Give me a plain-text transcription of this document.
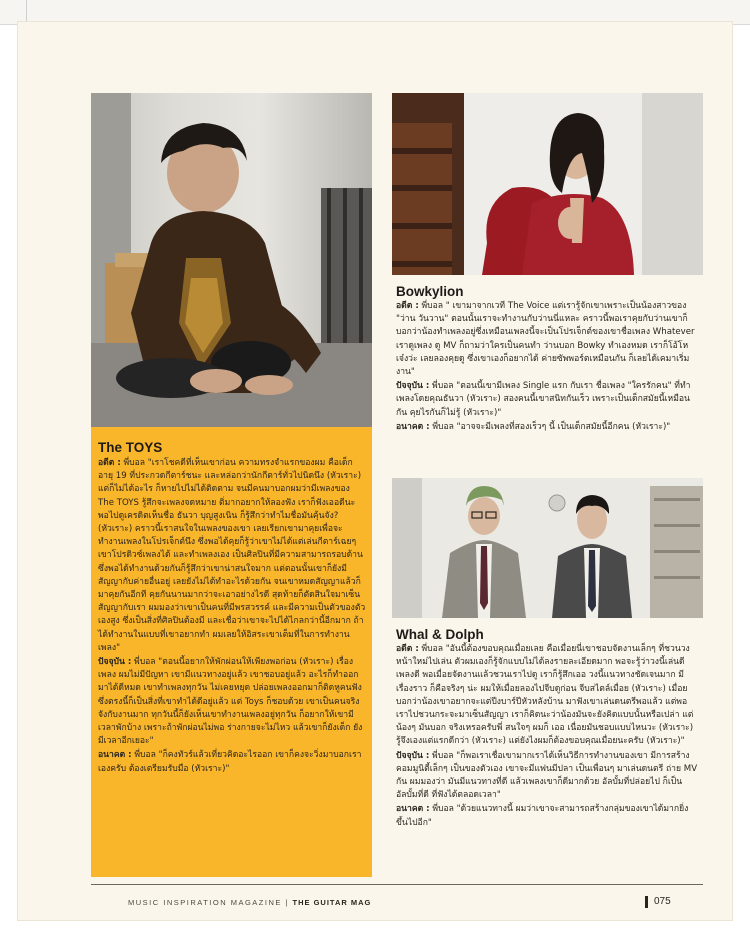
The TOYS

อดีต : พี่บอล "เราโชคดีที่เห็นเขาก่อน ความทรงจำแรกของผม คือเด็กอายุ 19 ที่ประกวดกีตาร์ชนะ และหล่อกว่านักกีตาร์ทั่วไปนิดนึง (หัวเราะ) แต่ก็ไม่ได้อะไร ก็หายไปไม่ได้ติดตาม จนมีคนมาบอกผมว่ามีเพลงของ The TOYS รู้สึกจะเพลงจดหมาย ติ่มากอยากให้ลองฟัง เราก็ฟังเออดีนะ พอไปดูเครดิตเห็นชื่อ ธันวา บุญสูงเนิน ก็รู้สึกว่าทำไมชื่อมันคุ้นจัง? (หัวเราะ) คราวนี้เราสนใจในเพลงของเขา เลยเรียกเขามาคุยเพื่อจะทำงานเพลงในโปรเจ็กต์นึง ซึ่งพอได้คุยก็รู้ว่าเขาไม่ได้แต่เล่นกีตาร์เฉยๆ เขาโปรดิวซ์เพลงได้ และทำเพลงเอง เป็นศิลปินที่มีความสามารถรอบด้าน ซึ่งพอได้ทำงานด้วยกันก็รู้สึกว่าเขาน่าสนใจมาก แต่ตอนนั้นเขาก็ยังมีสัญญากับค่ายอื่นอยู่ เลยยังไม่ได้ทำอะไรด้วยกัน จนเขาหมดสัญญาแล้วก็มาคุยกันอีกที คุยกันนานมากว่าจะเอาอย่างไรดี สุดท้ายก็ตัดสินใจมาเซ็นสัญญากับเรา ผมมองว่าเขาเป็นคนที่มีพรสวรรค์ และมีความเป็นตัวของตัวเองสูง ซึ่งเป็นสิ่งที่ศิลปินต้องมี และเชื่อว่าเขาจะไปได้ไกลกว่านี้อีกมาก ถ้าได้ทำงานในแบบที่เขาอยากทำ ผมเลยให้อิสระเขาเต็มที่ในการทำงานเพลง"

ปัจจุบัน : พี่บอล "ตอนนี้อยากให้พักผ่อนให้เพียงพอก่อน (หัวเราะ) เรื่องเพลง ผมไม่มีปัญหา เขามีแนวทางอยู่แล้ว เขาชอบอยู่แล้ว อะไรก็ทำออกมาได้ดีหมด เขาทำเพลงทุกวัน ไม่เคยหยุด ปล่อยเพลงออกมาก็ติดหูคนฟัง ซึ่งตรงนี้ก็เป็นสิ่งที่เขาทำได้ดีอยู่แล้ว แต่ Toys ก็ชอบด้วย เขาเป็นคนจริงจังกับงานมาก ทุกวันนี้ก็ยังเห็นเขาทำงานเพลงอยู่ทุกวัน ก็อยากให้เขามีเวลาพักบ้าง เพราะถ้าพักผ่อนไม่พอ ร่างกายจะไม่ไหว แล้วเขาก็ยังเด็ก ยังมีเวลาอีกเยอะ"

อนาคต : พี่บอล "ก็คงทัวร์แล้วเที่ยวคิดอะไรออก เขาก็คงจะวิ่งมาบอกเราเองครับ ต้องเตรียมรับมือ (หัวเราะ)"

Bowkylion

อดีต : พี่บอล " เขามาจากเวที The Voice แต่เรารู้จักเขาเพราะเป็นน้องสาวของ "ว่าน วันวาน" ตอนนั้นเราจะทำงานกับว่านนี่แหละ คราวนี้พอเราคุยกับว่านเขาก็บอกว่าน้องทำเพลงอยู่ซึ่งเหมือนเพลงนี้จะเป็นโปรเจ็กต์ของเขาชื่อเพลง Whatever เราดูเพลง ดู MV ก็ถามว่าใครเป็นคนทำ ว่านบอก Bowky ทำเองหมด เราก็โอ้โห เจ๋งว่ะ เลยลองคุยดู ซึ่งเขาเองก็อยากได้ ค่ายซัพพอร์ตเหมือนกัน ก็เลยได้เคมาเริ่มงาน"

ปัจจุบัน : พี่บอล "ตอนนี้เขามีเพลง Single แรก กับเรา ชื่อเพลง "ใครรักคน" ที่ทำเพลงโดยคุณธันวา (หัวเราะ) สองคนนี้เขาสนิทกันเร็ว เพราะเป็นเด็กสมัยนี้เหมือนกัน คุยไรกันก็ไม่รู้ (หัวเราะ)"

อนาคต : พี่บอล "อาจจะมีเพลงที่สองเร็วๆ นี้ เป็นเด็กสมัยนี้อีกคน (หัวเราะ)"

Whal & Dolph

อดีต : พี่บอล "อันนี้ต้องขอบคุณเมื่อยเลย คือเมื่อยนี่เขาชอบจัดงานเล็กๆ ที่ชวนวงหน้าใหม่ไปเล่น ตัวผมเองก็รู้จักแบบไม่ได้ลงรายละเอียดมาก พอจะรู้ว่าวงนี้เล่นดี เพลงดี พอเมื่อยจัดงานแล้วชวนเราไปดู เราก็รู้สึกเออ วงนี้แนวทางชัดเจนมาก มีเรื่องราว ก็คือจริงๆ น่ะ ผมให้เมื่อยลองไปจีบดูก่อน จีบสไตล์เมื่อย (หัวเราะ) เมื่อยบอกว่าน้องเขาอยากจะแต่ปีงบาร์ปีหัวหลังบ้าน มาฟังเขาเล่นดนตรีพอแล้ว แต่พอเราไปชวนกระจะมาเซ็นสัญญา เราก็คิดนะว่าน้องมันจะยังคิดแบบนั้นหรือเปล่า แต่น้องๆ มันบอก จริงเหรอครับพี่ สนใจๆ ผมก็ เออ เนื่อยมันชอบแบบไหนวะ (หัวเราะ) รู้จึงเองแต่แรกดีกว่า (หัวเราะ) แต่ยังไงผมก็ต้องขอบคุณเมื่อยนะครับ (หัวเราะ)"

ปัจจุบัน : พี่บอล "ก็พอเราเชื่อเขามากเราได้เห็นวิธีการทำงานของเขา มีการสร้างคอมมูนิตี้เล็กๆ เป็นของตัวเอง เขาจะมีแฟนมีปลา เป็นเพื่อนๆ มาเล่นดนตรี ถ่าย MV กัน ผมมองว่า มันมีแนวทางที่ดี แล้วเพลงเขาก็ดีมากด้วย อัลบั้มที่ปล่อยไป ก็เป็นอัลบั้มที่ดี ที่ฟังได้ตลอดเวลา"

อนาคต : พี่บอล "ด้วยแนวทางนี้ ผมว่าเขาจะสามารถสร้างกลุ่มของเขาได้มากยิ่งขึ้นไปอีก"

MUSIC INSPIRATION MAGAZINE | THE GUITAR MAG	075
